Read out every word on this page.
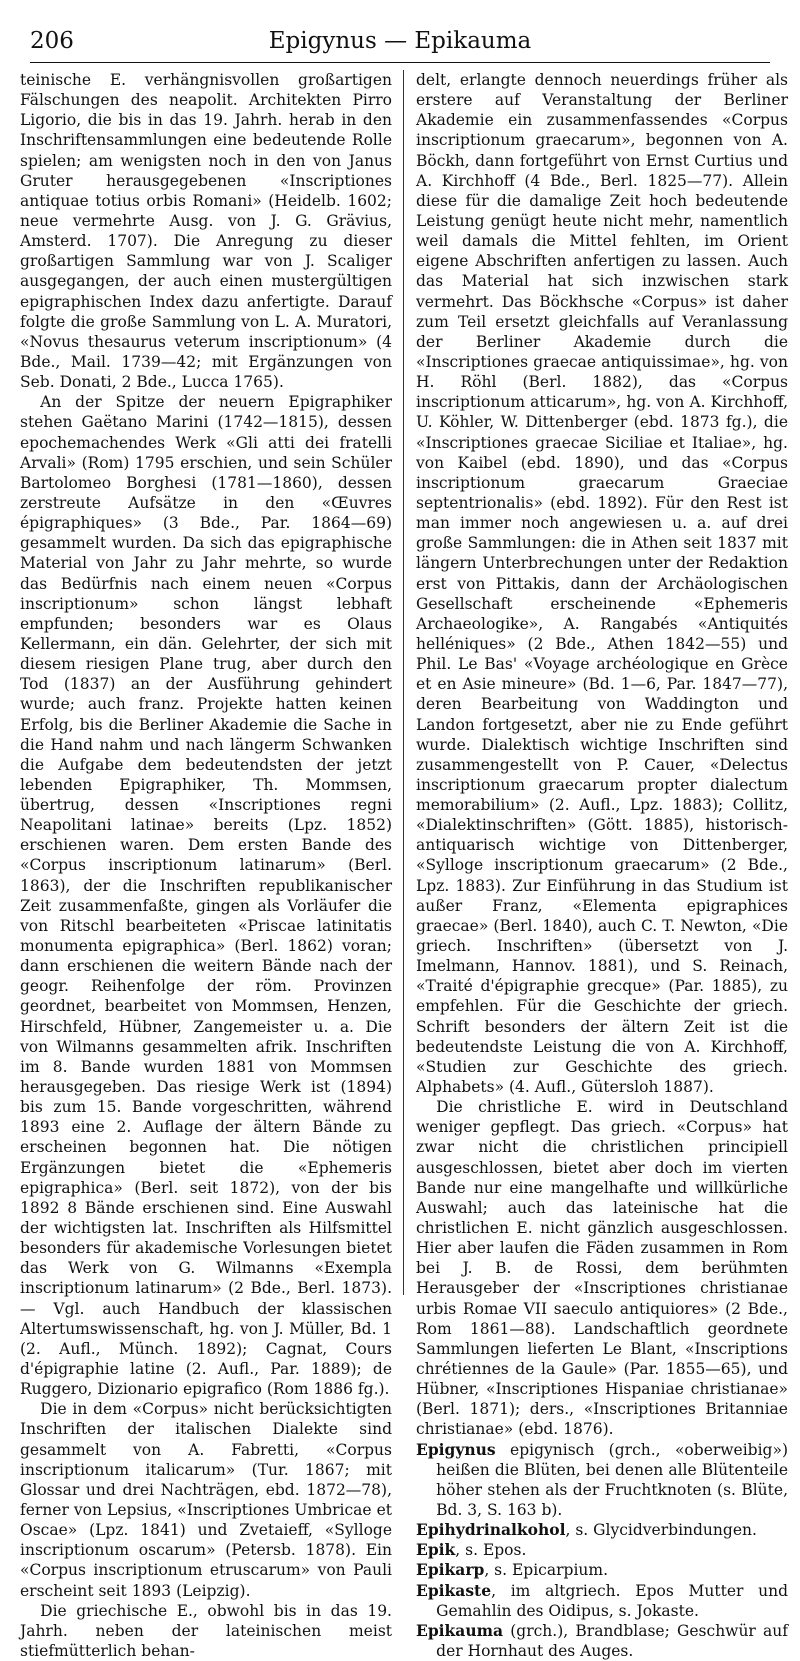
206	Epigynus — Epikauma

teinische E. verhängnisvollen großartigen Fälschungen des neapolit. Architekten Pirro Ligorio, die bis in das 19. Jahrh. herab in den Inschriftensammlungen eine bedeutende Rolle spielen; am wenigsten noch in den von Janus Gruter herausgegebenen «Inscriptiones antiquae totius orbis Romani» (Heidelb. 1602; neue vermehrte Ausg. von J. G. Grävius, Amsterd. 1707). Die Anregung zu dieser großartigen Sammlung war von J. Scaliger ausgegangen, der auch einen mustergültigen epigraphischen Index dazu anfertigte. Darauf folgte die große Sammlung von L. A. Muratori, «Novus thesaurus veterum inscriptionum» (4 Bde., Mail. 1739—42; mit Ergänzungen von Seb. Donati, 2 Bde., Lucca 1765).

An der Spitze der neuern Epigraphiker stehen Gaëtano Marini (1742—1815), dessen epochemachendes Werk «Gli atti dei fratelli Arvali» (Rom) 1795 erschien, und sein Schüler Bartolomeo Borghesi (1781—1860), dessen zerstreute Aufsätze in den «Œuvres épigraphiques» (3 Bde., Par. 1864—69) gesammelt wurden. Da sich das epigraphische Material von Jahr zu Jahr mehrte, so wurde das Bedürfnis nach einem neuen «Corpus inscriptionum» schon längst lebhaft empfunden; besonders war es Olaus Kellermann, ein dän. Gelehrter, der sich mit diesem riesigen Plane trug, aber durch den Tod (1837) an der Ausführung gehindert wurde; auch franz. Projekte hatten keinen Erfolg, bis die Berliner Akademie die Sache in die Hand nahm und nach längerm Schwanken die Aufgabe dem bedeutendsten der jetzt lebenden Epigraphiker, Th. Mommsen, übertrug, dessen «Inscriptiones regni Neapolitani latinae» bereits (Lpz. 1852) erschienen waren. Dem ersten Bande des «Corpus inscriptionum latinarum» (Berl. 1863), der die Inschriften republikanischer Zeit zusammenfaßte, gingen als Vorläufer die von Ritschl bearbeiteten «Priscae latinitatis monumenta epigraphica» (Berl. 1862) voran; dann erschienen die weitern Bände nach der geogr. Reihenfolge der röm. Provinzen geordnet, bearbeitet von Mommsen, Henzen, Hirschfeld, Hübner, Zangemeister u. a. Die von Wilmanns gesammelten afrik. Inschriften im 8. Bande wurden 1881 von Mommsen herausgegeben. Das riesige Werk ist (1894) bis zum 15. Bande vorgeschritten, während 1893 eine 2. Auflage der ältern Bände zu erscheinen begonnen hat. Die nötigen Ergänzungen bietet die «Ephemeris epigraphica» (Berl. seit 1872), von der bis 1892 8 Bände erschienen sind. Eine Auswahl der wichtigsten lat. Inschriften als Hilfsmittel besonders für akademische Vorlesungen bietet das Werk von G. Wilmanns «Exempla inscriptionum latinarum» (2 Bde., Berl. 1873). — Vgl. auch Handbuch der klassischen Altertumswissenschaft, hg. von J. Müller, Bd. 1 (2. Aufl., Münch. 1892); Cagnat, Cours d'épigraphie latine (2. Aufl., Par. 1889); de Ruggero, Dizionario epigrafico (Rom 1886 fg.).

Die in dem «Corpus» nicht berücksichtigten Inschriften der italischen Dialekte sind gesammelt von A. Fabretti, «Corpus inscriptionum italicarum» (Tur. 1867; mit Glossar und drei Nachträgen, ebd. 1872—78), ferner von Lepsius, «Inscriptiones Umbricae et Oscae» (Lpz. 1841) und Zvetaieff, «Sylloge inscriptionum oscarum» (Petersb. 1878). Ein «Corpus inscriptionum etruscarum» von Pauli erscheint seit 1893 (Leipzig).

Die griechische E., obwohl bis in das 19. Jahrh. neben der lateinischen meist stiefmütterlich behan-

delt, erlangte dennoch neuerdings früher als erstere auf Veranstaltung der Berliner Akademie ein zusammenfassendes «Corpus inscriptionum graecarum», begonnen von A. Böckh, dann fortgeführt von Ernst Curtius und A. Kirchhoff (4 Bde., Berl. 1825—77). Allein diese für die damalige Zeit hoch bedeutende Leistung genügt heute nicht mehr, namentlich weil damals die Mittel fehlten, im Orient eigene Abschriften anfertigen zu lassen. Auch das Material hat sich inzwischen stark vermehrt. Das Böckhsche «Corpus» ist daher zum Teil ersetzt gleichfalls auf Veranlassung der Berliner Akademie durch die «Inscriptiones graecae antiquissimae», hg. von H. Röhl (Berl. 1882), das «Corpus inscriptionum atticarum», hg. von A. Kirchhoff, U. Köhler, W. Dittenberger (ebd. 1873 fg.), die «Inscriptiones graecae Siciliae et Italiae», hg. von Kaibel (ebd. 1890), und das «Corpus inscriptionum graecarum Graeciae septentrionalis» (ebd. 1892). Für den Rest ist man immer noch angewiesen u. a. auf drei große Sammlungen: die in Athen seit 1837 mit längern Unterbrechungen unter der Redaktion erst von Pittakis, dann der Archäologischen Gesellschaft erscheinende «Ephemeris Archaeologike», A. Rangabés «Antiquités helléniques» (2 Bde., Athen 1842—55) und Phil. Le Bas' «Voyage archéologique en Grèce et en Asie mineure» (Bd. 1—6, Par. 1847—77), deren Bearbeitung von Waddington und Landon fortgesetzt, aber nie zu Ende geführt wurde. Dialektisch wichtige Inschriften sind zusammengestellt von P. Cauer, «Delectus inscriptionum graecarum propter dialectum memorabilium» (2. Aufl., Lpz. 1883); Collitz, «Dialektinschriften» (Gött. 1885), historisch-antiquarisch wichtige von Dittenberger, «Sylloge inscriptionum graecarum» (2 Bde., Lpz. 1883). Zur Einführung in das Studium ist außer Franz, «Elementa epigraphices graecae» (Berl. 1840), auch C. T. Newton, «Die griech. Inschriften» (übersetzt von J. Imelmann, Hannov. 1881), und S. Reinach, «Traité d'épigraphie grecque» (Par. 1885), zu empfehlen. Für die Geschichte der griech. Schrift besonders der ältern Zeit ist die bedeutendste Leistung die von A. Kirchhoff, «Studien zur Geschichte des griech. Alphabets» (4. Aufl., Gütersloh 1887).

Die christliche E. wird in Deutschland weniger gepflegt. Das griech. «Corpus» hat zwar nicht die christlichen principiell ausgeschlossen, bietet aber doch im vierten Bande nur eine mangelhafte und willkürliche Auswahl; auch das lateinische hat die christlichen E. nicht gänzlich ausgeschlossen. Hier aber laufen die Fäden zusammen in Rom bei J. B. de Rossi, dem berühmten Herausgeber der «Inscriptiones christianae urbis Romae VII saeculo antiquiores» (2 Bde., Rom 1861—88). Landschaftlich geordnete Sammlungen lieferten Le Blant, «Inscriptions chrétiennes de la Gaule» (Par. 1855—65), und Hübner, «Inscriptiones Hispaniae christianae» (Berl. 1871); ders., «Inscriptiones Britanniae christianae» (ebd. 1876).

Epigynus epigynisch (grch., «oberweibig») heißen die Blüten, bei denen alle Blütenteile höher stehen als der Fruchtknoten (s. Blüte, Bd. 3, S. 163 b).
Epihydrinalkohol, s. Glycidverbindungen.
Epik, s. Epos.
Epikarp, s. Epicarpium.
Epikaste, im altgriech. Epos Mutter und Gemahlin des Oidipus, s. Jokaste.
Epikauma (grch.), Brandblase; Geschwür auf der Hornhaut des Auges.
